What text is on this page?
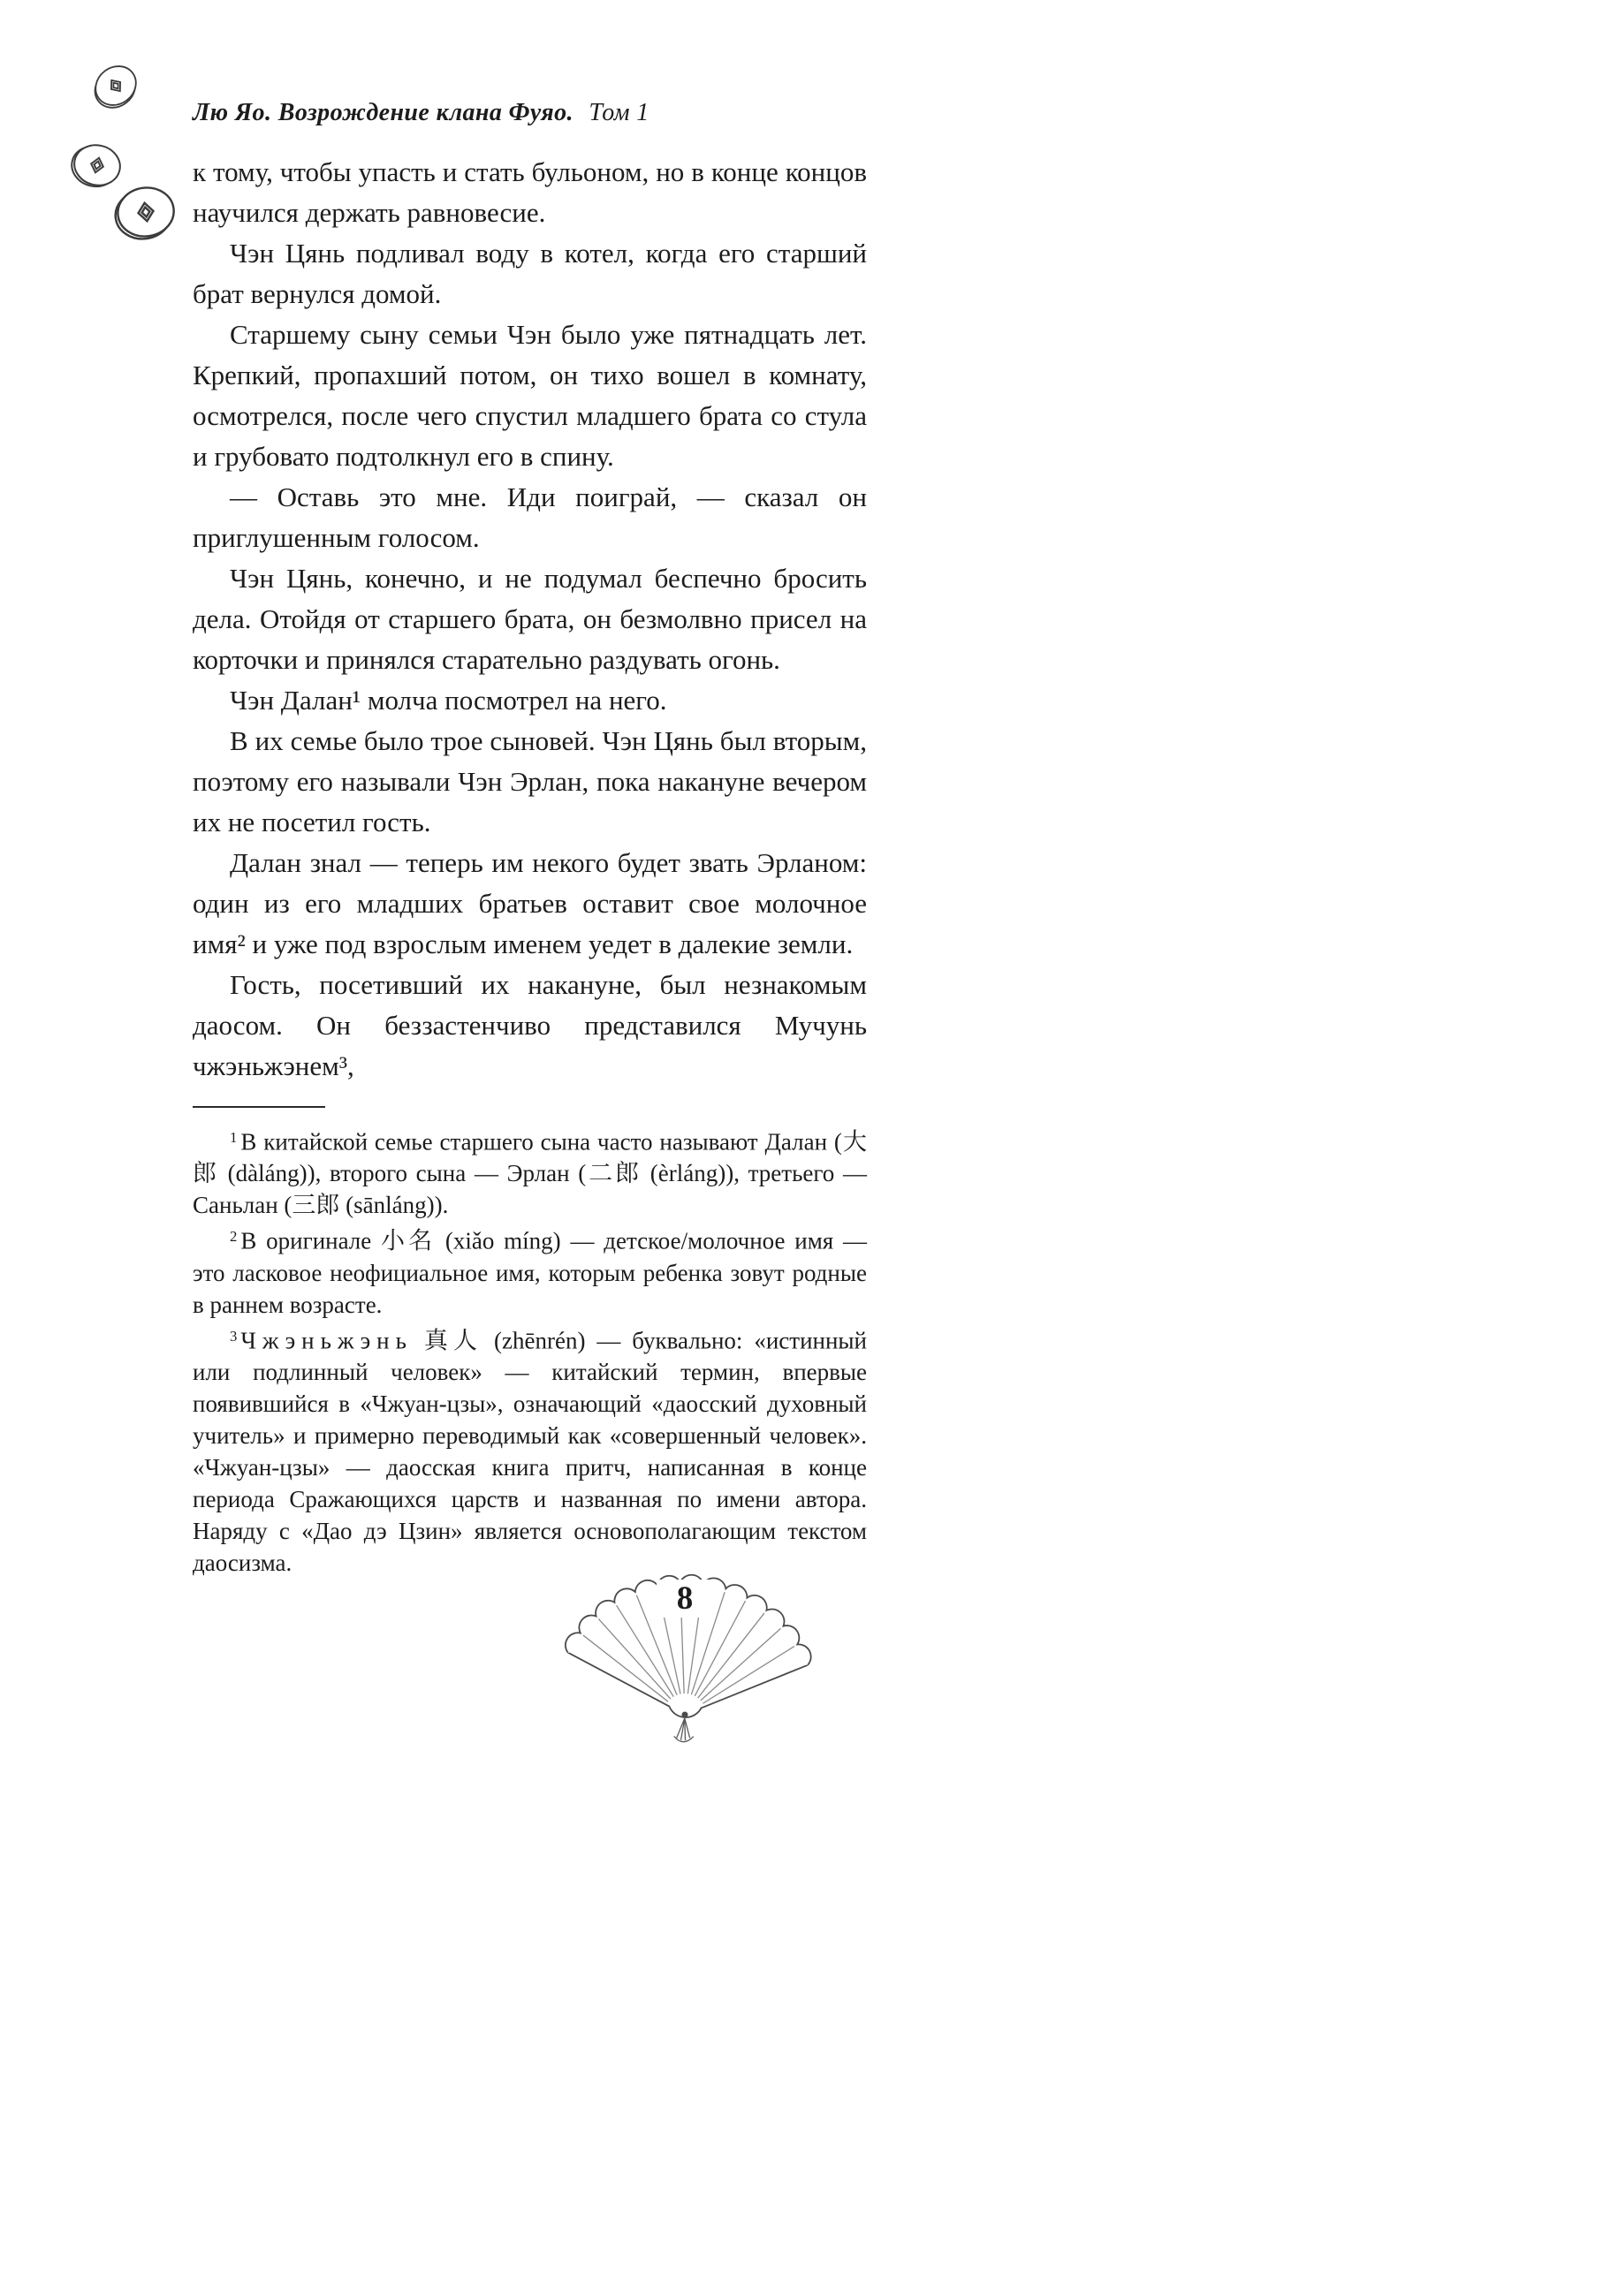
Лю Яо. Возрождение клана Фуяо. Том 1

к тому, чтобы упасть и стать бульоном, но в конце концов научился держать равновесие.

Чэн Цянь подливал воду в котел, когда его старший брат вернулся домой.

Старшему сыну семьи Чэн было уже пятнадцать лет. Крепкий, пропахший потом, он тихо вошел в комнату, осмотрелся, после чего спустил младшего брата со стула и грубовато подтолкнул его в спину.

— Оставь это мне. Иди поиграй, — сказал он приглушенным голосом.

Чэн Цянь, конечно, и не подумал беспечно бросить дела. Отойдя от старшего брата, он безмолвно присел на корточки и принялся старательно раздувать огонь.

Чэн Далан¹ молча посмотрел на него.

В их семье было трое сыновей. Чэн Цянь был вторым, поэтому его называли Чэн Эрлан, пока накануне вечером их не посетил гость.

Далан знал — теперь им некого будет звать Эрланом: один из его младших братьев оставит свое молочное имя² и уже под взрослым именем уедет в далекие земли.

Гость, посетивший их накануне, был незнакомым даосом. Он беззастенчиво представился Мучунь чжэньжэнем³,

$^1$ В китайской семье старшего сына часто называют Далан (大郎 (dàláng)), второго сына — Эрлан (二郎 (èrláng)), третьего — Саньлан (三郎 (sānláng)).

$^2$ В оригинале 小名 (xiǎo míng) — детское/молочное имя — это ласковое неофициальное имя, которым ребенка зовут родные в раннем возрасте.

$^3$ Чжэньжэнь 真人 (zhēnrén) — буквально: «истинный или подлинный человек» — китайский термин, впервые появившийся в «Чжуан-цзы», означающий «даосский духовный учитель» и примерно переводимый как «совершенный человек». «Чжуан-цзы» — даосская книга притч, написанная в конце периода Сражающихся царств и названная по имени автора. Наряду с «Дао дэ Цзин» является основополагающим текстом даосизма.

8
